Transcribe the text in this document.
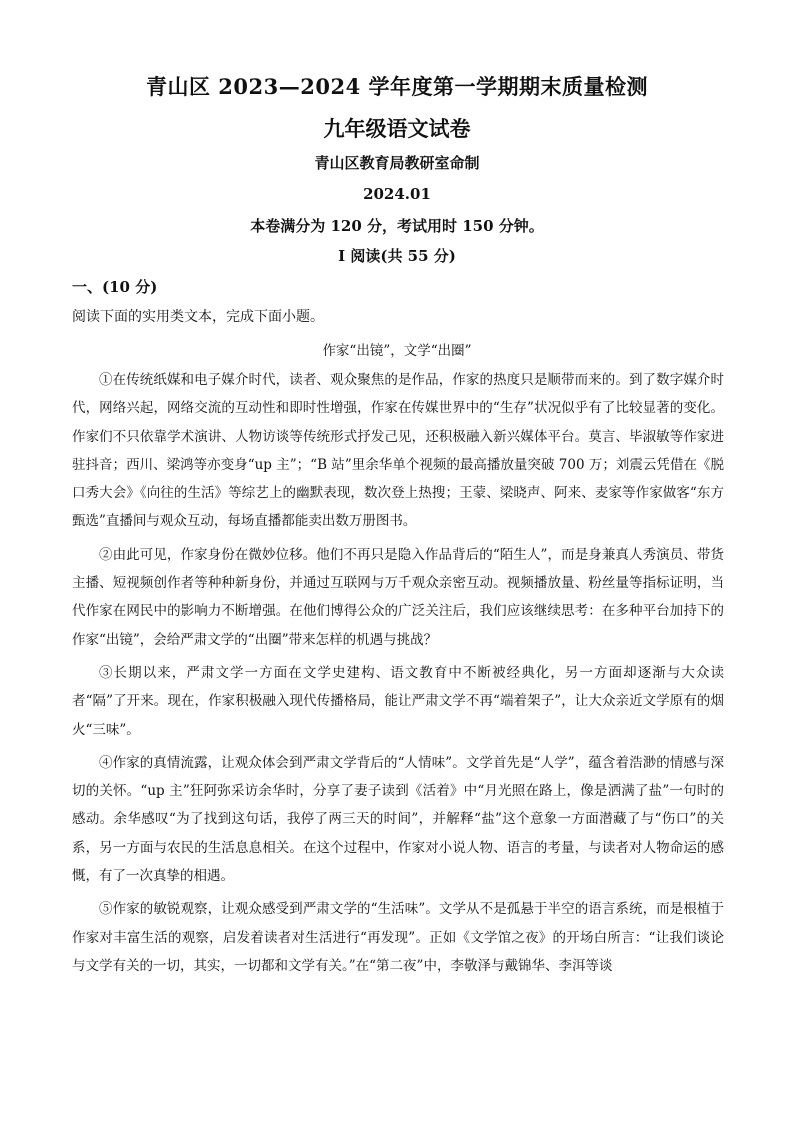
青山区 2023—2024 学年度第一学期期末质量检测
九年级语文试卷
青山区教育局教研室命制
2024.01
本卷满分为 120 分，考试用时 150 分钟。
I 阅读(共 55 分)
一、(10 分)
阅读下面的实用类文本，完成下面小题。
作家“出镜”，文学“出圈”

①在传统纸媒和电子媒介时代，读者、观众聚焦的是作品，作家的热度只是顺带而来的。到了数字媒介时代，网络兴起，网络交流的互动性和即时性增强，作家在传媒世界中的“生存”状况似乎有了比较显著的变化。作家们不只依靠学术演讲、人物访谈等传统形式抒发己见，还积极融入新兴媒体平台。莫言、毕淑敏等作家进驻抖音；西川、梁鸿等亦变身“up 主”；“B 站”里余华单个视频的最高播放量突破 700 万；刘震云凭借在《脱口秀大会》《向往的生活》等综艺上的幽默表现，数次登上热搜；王蒙、梁晓声、阿来、麦家等作家做客“东方甄选”直播间与观众互动，每场直播都能卖出数万册图书。

②由此可见，作家身份在微妙位移。他们不再只是隐入作品背后的“陌生人”，而是身兼真人秀演员、带货主播、短视频创作者等种种新身份，并通过互联网与万千观众亲密互动。视频播放量、粉丝量等指标证明，当代作家在网民中的影响力不断增强。在他们博得公众的广泛关注后，我们应该继续思考：在多种平台加持下的作家“出镜”，会给严肃文学的“出圈”带来怎样的机遇与挑战？

③长期以来，严肃文学一方面在文学史建构、语文教育中不断被经典化，另一方面却逐渐与大众读者“隔”了开来。现在，作家积极融入现代传播格局，能让严肃文学不再“端着架子”，让大众亲近文学原有的烟火“三味”。

④作家的真情流露，让观众体会到严肃文学背后的“人情味”。文学首先是“人学”，蕴含着浩渺的情感与深切的关怀。“up 主”狂阿弥采访余华时，分享了妻子读到《活着》中“月光照在路上，像是洒满了盐”一句时的感动。余华感叹“为了找到这句话，我停了两三天的时间”，并解释“盐”这个意象一方面潜藏了与“伤口”的关系，另一方面与农民的生活息息相关。在这个过程中，作家对小说人物、语言的考量，与读者对人物命运的感慨，有了一次真挚的相遇。

⑤作家的敏锐观察，让观众感受到严肃文学的“生活味”。文学从不是孤悬于半空的语言系统，而是根植于作家对丰富生活的观察，启发着读者对生活进行“再发现”。正如《文学馆之夜》的开场白所言：“让我们谈论与文学有关的一切，其实，一切都和文学有关。”在“第二夜”中，李敬泽与戴锦华、李洱等谈
